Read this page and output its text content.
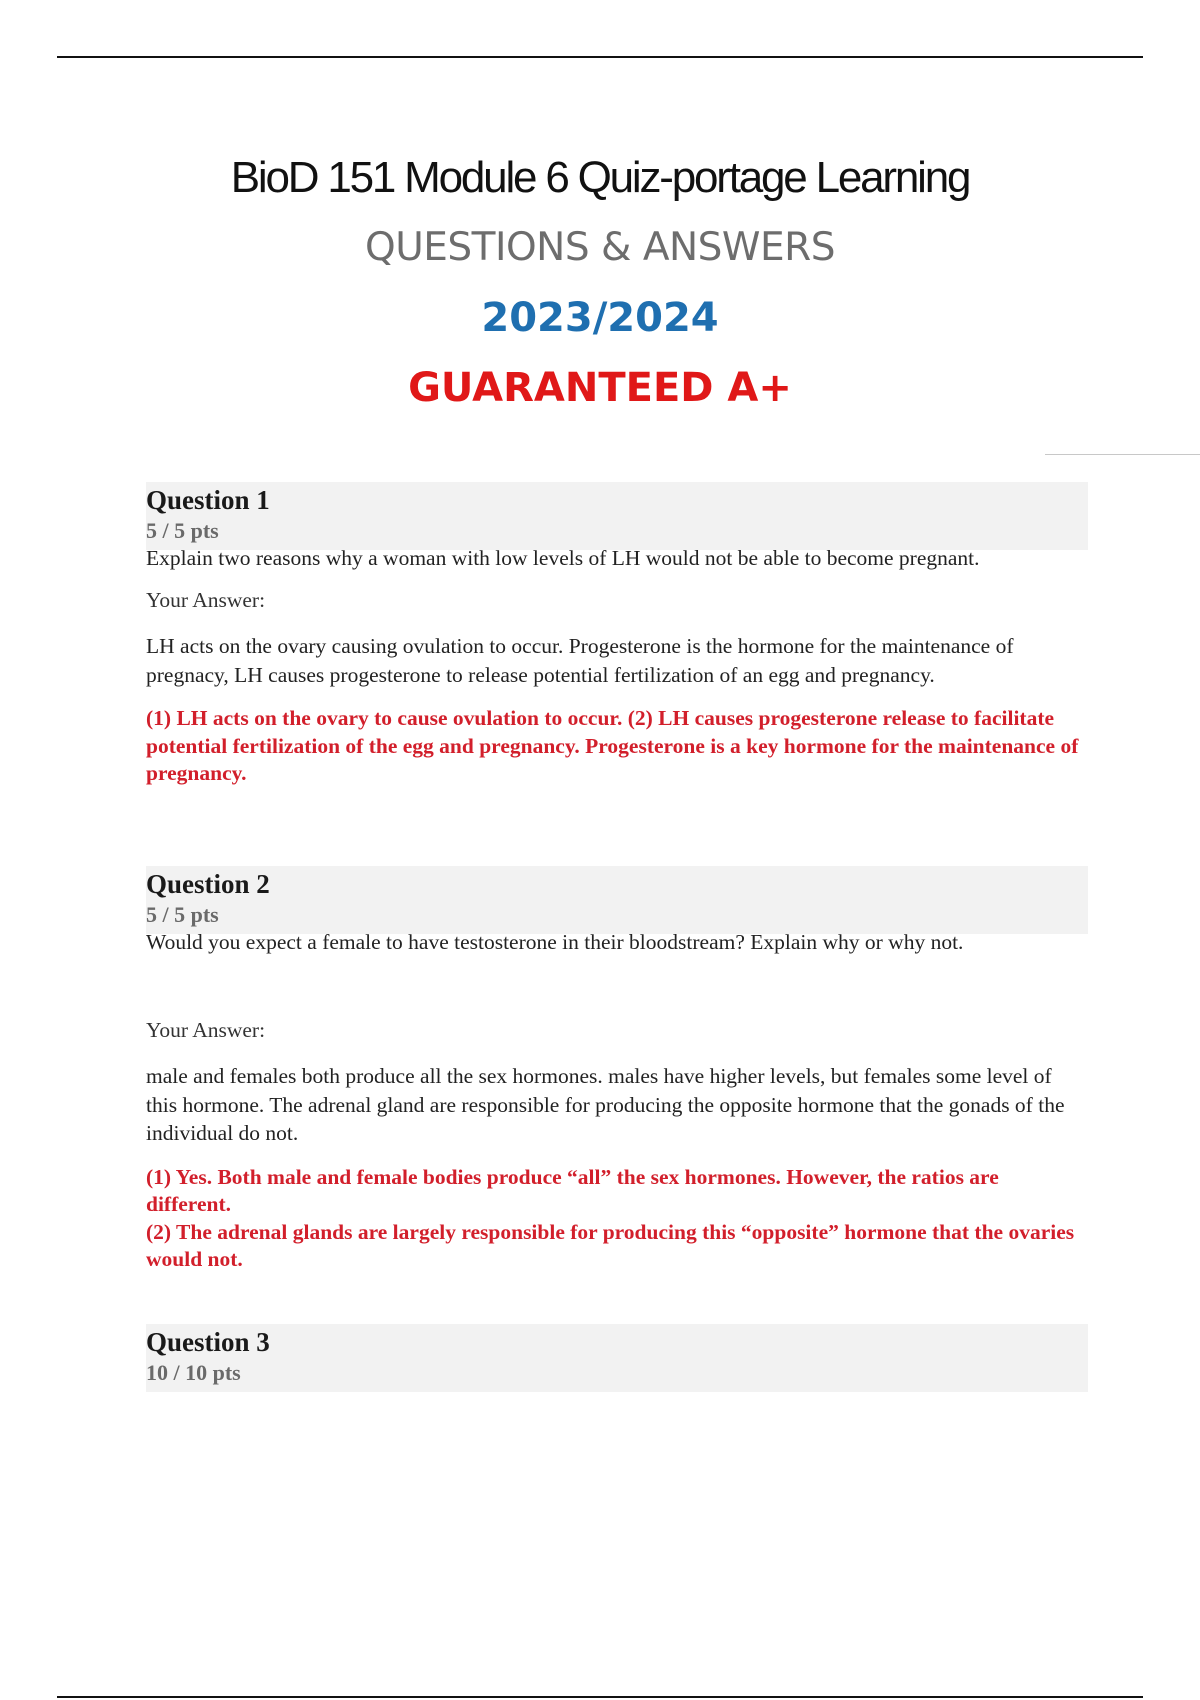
BioD 151 Module 6 Quiz-portage Learning
QUESTIONS & ANSWERS
2023/2024
GUARANTEED A+
Question 1
5 / 5 pts
Explain two reasons why a woman with low levels of LH would not be able to become pregnant.
Your Answer:
LH acts on the ovary causing ovulation to occur. Progesterone is the hormone for the maintenance of pregnacy, LH causes progesterone to release potential fertilization of an egg and pregnancy.
(1) LH acts on the ovary to cause ovulation to occur. (2) LH causes progesterone release to facilitate potential fertilization of the egg and pregnancy. Progesterone is a key hormone for the maintenance of pregnancy.
Question 2
5 / 5 pts
Would you expect a female to have testosterone in their bloodstream? Explain why or why not.
Your Answer:
male and females both produce all the sex hormones. males have higher levels, but females some level of this hormone. The adrenal gland are responsible for producing the opposite hormone that the gonads of the individual do not.
(1) Yes. Both male and female bodies produce “all” the sex hormones. However, the ratios are different.
(2) The adrenal glands are largely responsible for producing this “opposite” hormone that the ovaries would not.
Question 3
10 / 10 pts
